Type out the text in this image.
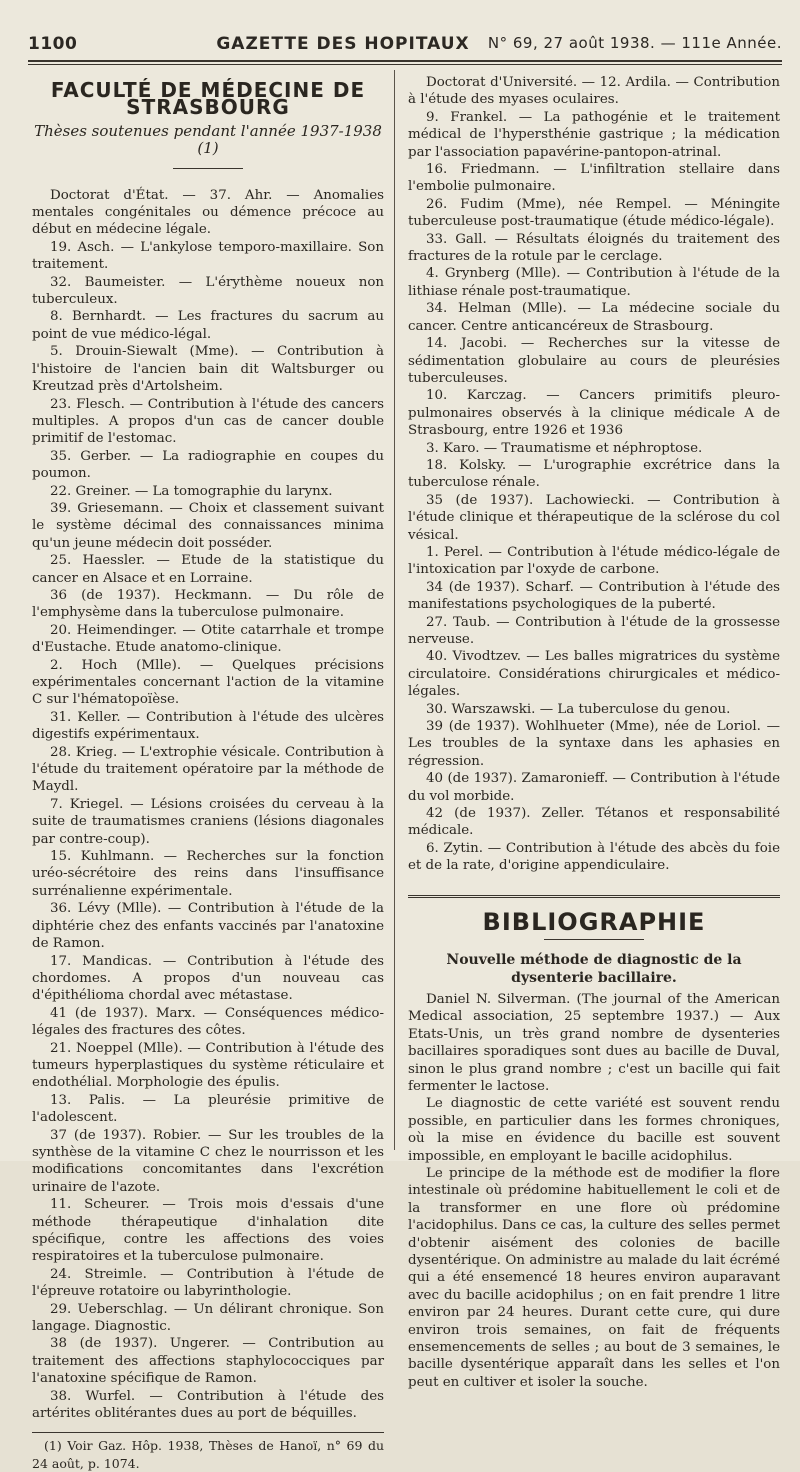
1100	GAZETTE DES HOPITAUX	N° 69, 27 août 1938. — 111e Année.
FACULTÉ DE MÉDECINE DE STRASBOURG
Thèses soutenues pendant l'année 1937-1938 (1)

Doctorat d'État. — 37. Ahr. — Anomalies mentales congénitales ou démence précoce au début en médecine légale.

19. Asch. — L'ankylose temporo-maxillaire. Son traitement.

32. Baumeister. — L'érythème noueux non tuberculeux.

8. Bernhardt. — Les fractures du sacrum au point de vue médico-légal.

5. Drouin-Siewalt (Mme). — Contribution à l'histoire de l'ancien bain dit Waltsburger ou Kreutzad près d'Artolsheim.

23. Flesch. — Contribution à l'étude des cancers multiples. A propos d'un cas de cancer double primitif de l'estomac.

35. Gerber. — La radiographie en coupes du poumon.

22. Greiner. — La tomographie du larynx.

39. Griesemann. — Choix et classement suivant le système décimal des connaissances minima qu'un jeune médecin doit posséder.

25. Haessler. — Etude de la statistique du cancer en Alsace et en Lorraine.

36 (de 1937). Heckmann. — Du rôle de l'emphysème dans la tuberculose pulmonaire.

20. Heimendinger. — Otite catarrhale et trompe d'Eustache. Etude anatomo-clinique.

2. Hoch (Mlle). — Quelques précisions expérimentales concernant l'action de la vitamine C sur l'hématopoïèse.

31. Keller. — Contribution à l'étude des ulcères digestifs expérimentaux.

28. Krieg. — L'extrophie vésicale. Contribution à l'étude du traitement opératoire par la méthode de Maydl.

7. Kriegel. — Lésions croisées du cerveau à la suite de traumatismes craniens (lésions diagonales par contre-coup).

15. Kuhlmann. — Recherches sur la fonction uréo-sécrétoire des reins dans l'insuffisance surrénalienne expérimentale.

36. Lévy (Mlle). — Contribution à l'étude de la diphtérie chez des enfants vaccinés par l'anatoxine de Ramon.

17. Mandicas. — Contribution à l'étude des chordomes. A propos d'un nouveau cas d'épithélioma chordal avec métastase.

41 (de 1937). Marx. — Conséquences médico-légales des fractures des côtes.

21. Noeppel (Mlle). — Contribution à l'étude des tumeurs hyperplastiques du système réticulaire et endothélial. Morphologie des épulis.

13. Palis. — La pleurésie primitive de l'adolescent.

37 (de 1937). Robier. — Sur les troubles de la synthèse de la vitamine C chez le nourrisson et les modifications concomitantes dans l'excrétion urinaire de l'azote.

11. Scheurer. — Trois mois d'essais d'une méthode thérapeutique d'inhalation dite spécifique, contre les affections des voies respiratoires et la tuberculose pulmonaire.

24. Streimle. — Contribution à l'étude de l'épreuve rotatoire ou labyrinthologie.

29. Ueberschlag. — Un délirant chronique. Son langage. Diagnostic.

38 (de 1937). Ungerer. — Contribution au traitement des affections staphylococciques par l'anatoxine spécifique de Ramon.

38. Wurfel. — Contribution à l'étude des artérites oblitérantes dues au port de béquilles.

(1) Voir Gaz. Hôp. 1938, Thèses de Hanoï, n° 69 du 24 août, p. 1074.

Doctorat d'Université. — 12. Ardila. — Contribution à l'étude des myases oculaires.

9. Frankel. — La pathogénie et le traitement médical de l'hypersthénie gastrique ; la médication par l'association papavérine-pantopon-atrinal.

16. Friedmann. — L'infiltration stellaire dans l'embolie pulmonaire.

26. Fudim (Mme), née Rempel. — Méningite tuberculeuse post-traumatique (étude médico-légale).

33. Gall. — Résultats éloignés du traitement des fractures de la rotule par le cerclage.

4. Grynberg (Mlle). — Contribution à l'étude de la lithiase rénale post-traumatique.

34. Helman (Mlle). — La médecine sociale du cancer. Centre anticancéreux de Strasbourg.

14. Jacobi. — Recherches sur la vitesse de sédimentation globulaire au cours de pleurésies tuberculeuses.

10. Karczag. — Cancers primitifs pleuro-pulmonaires observés à la clinique médicale A de Strasbourg, entre 1926 et 1936

3. Karo. — Traumatisme et néphroptose.

18. Kolsky. — L'urographie excrétrice dans la tuberculose rénale.

35 (de 1937). Lachowiecki. — Contribution à l'étude clinique et thérapeutique de la sclérose du col vésical.

1. Perel. — Contribution à l'étude médico-légale de l'intoxication par l'oxyde de carbone.

34 (de 1937). Scharf. — Contribution à l'étude des manifestations psychologiques de la puberté.

27. Taub. — Contribution à l'étude de la grossesse nerveuse.

40. Vivodtzev. — Les balles migratrices du système circulatoire. Considérations chirurgicales et médico-légales.

30. Warszawski. — La tuberculose du genou.

39 (de 1937). Wohlhueter (Mme), née de Loriol. — Les troubles de la syntaxe dans les aphasies en régression.

40 (de 1937). Zamaronieff. — Contribution à l'étude du vol morbide.

42 (de 1937). Zeller. Tétanos et responsabilité médicale.

6. Zytin. — Contribution à l'étude des abcès du foie et de la rate, d'origine appendiculaire.

BIBLIOGRAPHIE
Nouvelle méthode de diagnostic de la dysenterie bacillaire.

Daniel N. Silverman. (The journal of the American Medical association, 25 septembre 1937.) — Aux Etats-Unis, un très grand nombre de dysenteries bacillaires sporadiques sont dues au bacille de Duval, sinon le plus grand nombre ; c'est un bacille qui fait fermenter le lactose.

Le diagnostic de cette variété est souvent rendu possible, en particulier dans les formes chroniques, où la mise en évidence du bacille est souvent impossible, en employant le bacille acidophilus.

Le principe de la méthode est de modifier la flore intestinale où prédomine habituellement le coli et de la transformer en une flore où prédomine l'acidophilus. Dans ce cas, la culture des selles permet d'obtenir aisément des colonies de bacille dysentérique. On administre au malade du lait écrémé qui a été ensemencé 18 heures environ auparavant avec du bacille acidophilus ; on en fait prendre 1 litre environ par 24 heures. Durant cette cure, qui dure environ trois semaines, on fait de fréquents ensemencements de selles ; au bout de 3 semaines, le bacille dysentérique apparaît dans les selles et l'on peut en cultiver et isoler la souche.
